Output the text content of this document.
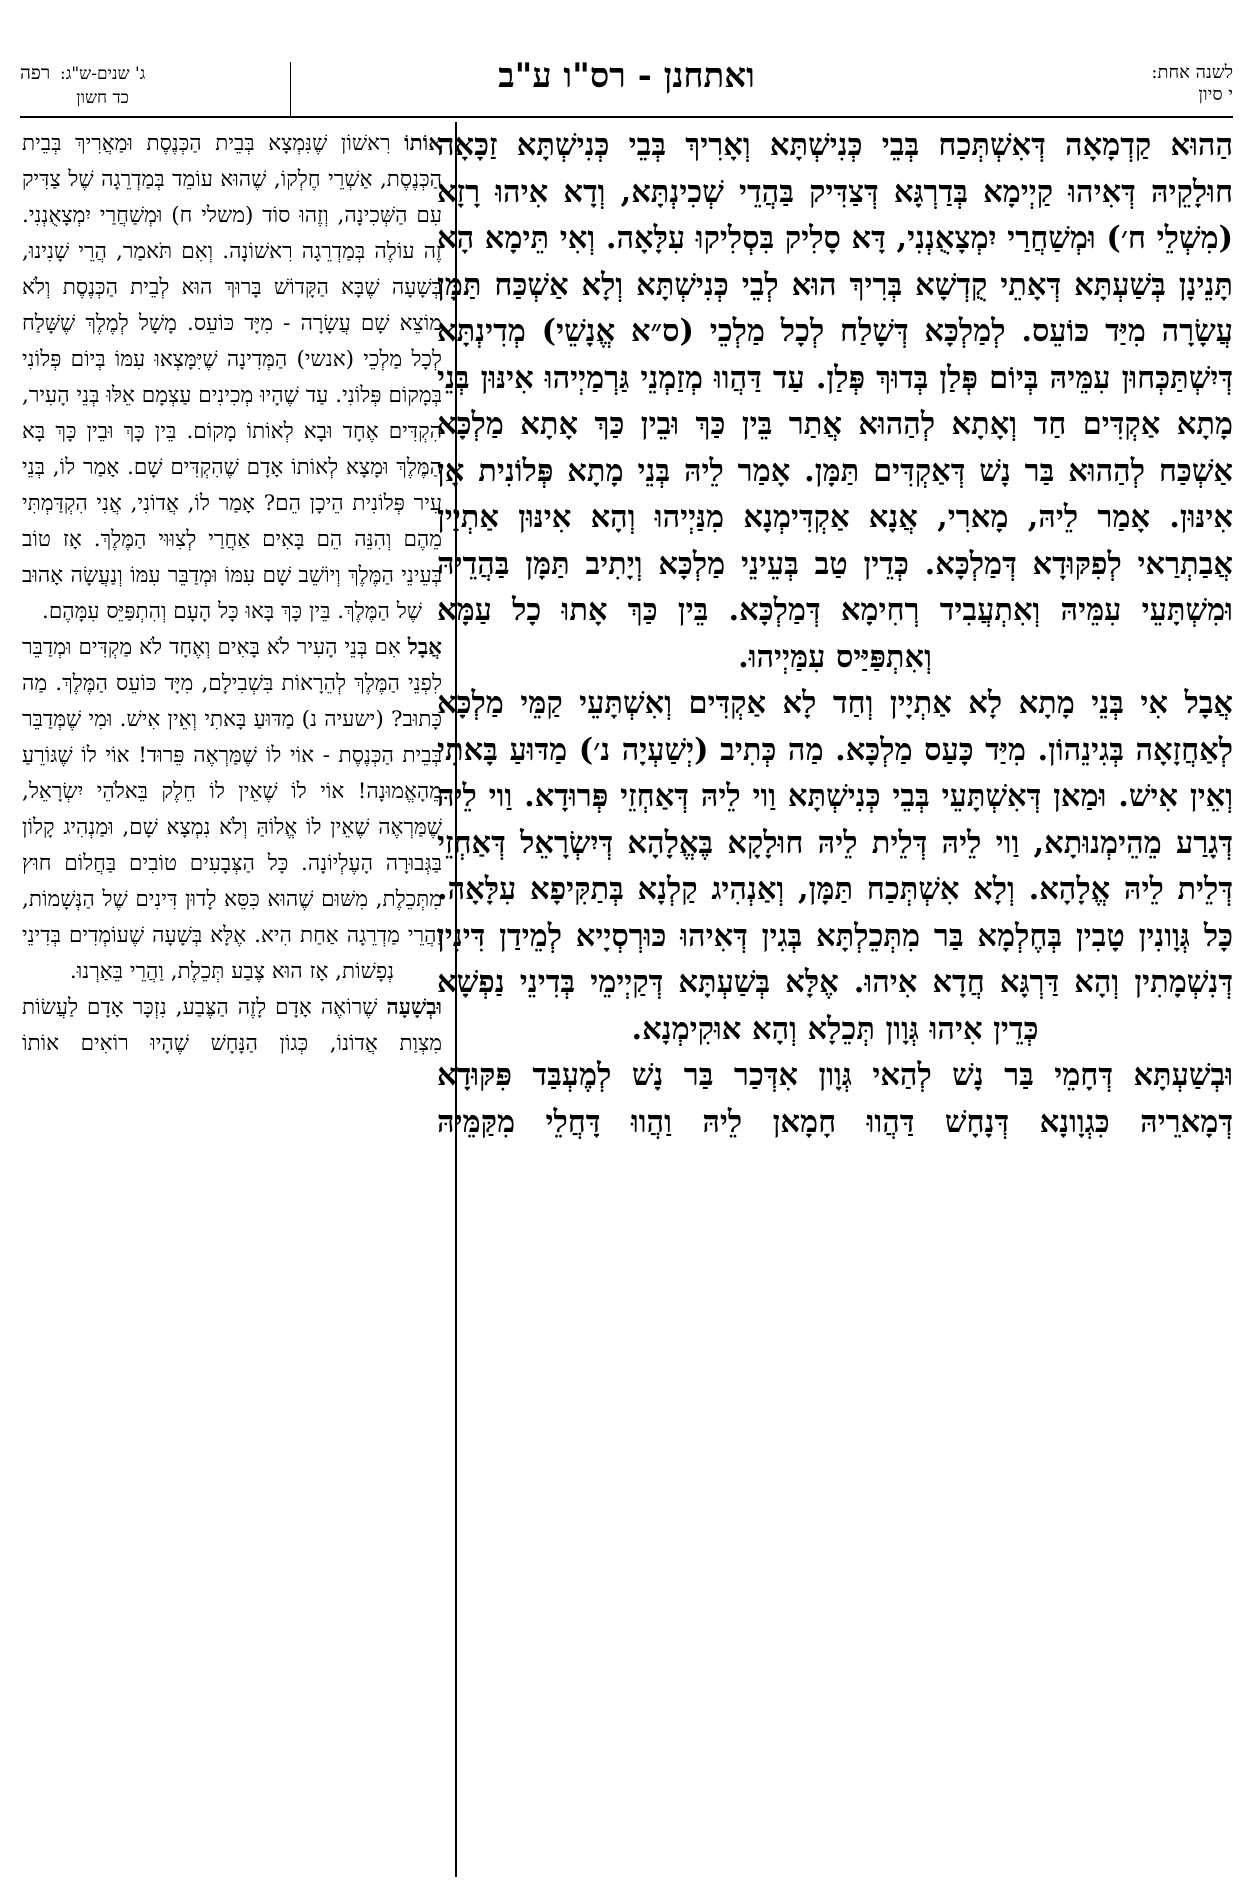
לשנה אחת:
י סיון
ואתחנן - רס"ו ע"ב
ג' שנים-ש"ג:
כד חשון
רפה

הַהוּא קַדְמָאָה דְּאִשְׁתְּכַח בְּבֵי כְּנִישְׁתָּא וְאָרִיךְ בְּבֵי כְּנִישְׁתָּא זַכָּאָה חוּלָקֵיהּ דְּאִיהוּ קַיְימָא בְּדַרְגָּא דְּצַדִּיק בַּהֲדֵי שְׁכִינְתָּא, וְדָא אִיהוּ רָזָא (מִשְׁלֵי ח׳) וּמְשַׁחֲרַי יִמְצָאֻנְנִי, דָּא סָלִיק בִּסְלִיקוּ עִלָּאָה. וְאִי תֵּימָא הָא תָּנֵינָן בְּשַׁעְתָּא דְּאָתֵי קֻדְשָׁא בְּרִיךְ הוּא לְבֵי כְּנִישְׁתָּא וְלָא אַשְׁכַּח תַּמָּן עֲשָׂרָה מִיַּד כּוֹעֵס. לְמַלְכָּא דְּשָׁלַח לְכָל מַלְכֵי (ס״א אֱנָשֵׁי) מְדִינְתָּא דְּיִשְׁתַּכְּחוּן עִמֵּיהּ בְּיוֹם פְּלַן בְּדוּךְ פְּלַן. עַד דַּהֲווּ מְזַמְנֵי גַּרְמַיְיהוּ אִינּוּן בְּנֵי מָתָא אַקְדִּים חַד וְאָתָא לְהַהוּא אֲתַר בֵּין כַּךְ וּבֵין כַּךְ אָתָא מַלְכָּא אַשְׁכַּח לְהַהוּא בַּר נָשׁ דְּאַקְדִּים תַּמָּן. אָמַר לֵיהּ בְּנֵי מָתָא פְּלוֹנִית אָן אִינּוּן. אָמַר לֵיהּ, מָארִי, אֲנָא אַקְדִּימְנָא מִנַּיְיהוּ וְהָא אִינּוּן אַתְיָין אֲבַתְרַאי לְפִקּוּדָא דְּמַלְכָּא. כְּדֵין טַב בְּעֵינֵי מַלְכָּא וְיָתִיב תַּמָּן בַּהֲדֵיהּ וּמִשְׁתָּעֵי עִמֵּיהּ וְאִתְעֲבִיד רְחִימָא דְּמַלְכָּא. בֵּין כַּךְ אָתוּ כָל עַמָּא וְאִתְפַּיַּיס עִמַּיְיהוּ.

אֲבָל אִי בְּנֵי מָתָא לָא אַתְיָין וְחַד לָא אַקְדִּים וְאִשְׁתָּעֵי קַמֵּי מַלְכָּא לְאַחֲזָאָה בְּגִינֵהוֹן. מִיַּד כָּעַס מַלְכָּא. מַה כְּתִיב (יְשַׁעְיָה נ׳) מַדּוּעַ בָּאתִי וְאֵין אִישׁ. וּמַאן דְּאִשְׁתָּעֵי בְּבֵי כְּנִישְׁתָּא וַוי לֵיהּ דְּאַחְזֵי פְּרוּדָא. וַוי לֵיהּ דְּגָרַע מֵהֵימְנוּתָא, וַוי לֵיהּ דְּלֵית לֵיהּ חוּלָקָא בֶּאֱלָהָא דְּיִשְׂרָאֵל דְּאַחְזֵי דְּלֵית לֵיהּ אֱלָהָא. וְלָא אִשְׁתְּכַח תַּמָּן, וְאַנְהִיג קַלְנָא בְּתַקִּיפָא עִלָּאָה. כָּל גְּוָונִין טָבִין בְּחֶלְמָא בַּר מִתְּכֵלְתָּא בְּגִין דְּאִיהוּ כּוּרְסְיָיא לְמֵידַן דִּינִין דְּנִשְׁמָתִין וְהָא דַּרְגָּא חֲדָא אִיהוּ. אֶלָּא בְּשַׁעְתָּא דְּקַיְימֵי בְּדִינֵי נַפְשָׁא כְּדֵין אִיהוּ גְּוָון תְּכֵלָא וְהָא אוּקִימְנָא.

וּבְשַׁעְתָּא דְּחָמֵי בַּר נָשׁ לְהַאי גְּוָון אִדְּכַר בַּר נָשׁ לְמֶעְבַּד פִּקּוּדָא דְּמָארֵיהּ כִּגְוָונָא דְּנָחָשׁ דַּהֲווּ חָמָאן לֵיהּ וַהֲווּ דָּחֲלֵי מִקַּמֵּיהּ

אוֹתוֹ רִאשׁוֹן שֶׁנִּמְצָא בְּבֵית הַכְּנֶסֶת וּמַאֲרִיךְ בְּבֵית הַכְּנֶסֶת, אַשְׁרֵי חֶלְקוֹ, שֶׁהוּא עוֹמֵד בְּמַדְרֵגָה שֶׁל צַדִּיק עִם הַשְּׁכִינָה, וְזֶהוּ סוֹד (משלי ח) וּמְשַׁחֲרַי יִמְצָאֻנְנִי. זֶה עוֹלֶה בְּמַדְרֵגָה רִאשׁוֹנָה. וְאִם תֹּאמַר, הֲרֵי שָׁנִינוּ, בְּשָׁעָה שֶׁבָּא הַקָּדוֹשׁ בָּרוּךְ הוּא לְבֵית הַכְּנֶסֶת וְלֹא מוֹצֵא שָׁם עֲשָׂרָה - מִיָּד כּוֹעֵס. מָשָׁל לְמֶלֶךְ שֶׁשָּׁלַח לְכָל מַלְכֵי (אנשי) הַמְּדִינָה שֶׁיִּמָּצְאוּ עִמּוֹ בְּיוֹם פְּלוֹנִי בְּמָקוֹם פְּלוֹנִי. עַד שֶׁהָיוּ מְכִינִים עַצְמָם אֵלּוּ בְּנֵי הָעִיר, הִקְדִּים אֶחָד וּבָא לְאוֹתוֹ מָקוֹם. בֵּין כָּךְ וּבֵין כָּךְ בָּא הַמֶּלֶךְ וּמָצָא לְאוֹתוֹ אָדָם שֶׁהִקְדִּים שָׁם. אָמַר לוֹ, בְּנֵי עִיר פְּלוֹנִית הֵיכָן הֵם? אָמַר לוֹ, אֲדוֹנִי, אֲנִי הִקְדַּמְתִּי מֵהֶם וְהִנֵּה הֵם בָּאִים אַחֲרַי לְצִוּוּי הַמֶּלֶךְ. אָז טוֹב בְּעֵינֵי הַמֶּלֶךְ וְיוֹשֵׁב שָׁם עִמּוֹ וּמְדַבֵּר עִמּוֹ וְנַעֲשָׂה אָהוּב שֶׁל הַמֶּלֶךְ. בֵּין כָּךְ בָּאוּ כָּל הָעָם וְהִתְפַּיֵּס עִמָּהֶם.

אֲבָל אִם בְּנֵי הָעִיר לֹא בָּאִים וְאֶחָד לֹא מַקְדִּים וּמְדַבֵּר לִפְנֵי הַמֶּלֶךְ לְהֵרָאוֹת בִּשְׁבִילָם, מִיָּד כּוֹעֵס הַמֶּלֶךְ. מַה כָּתוּב? (ישעיה נ) מַדּוּעַ בָּאתִי וְאֵין אִישׁ. וּמִי שֶׁמְּדַבֵּר בְּבֵית הַכְּנֶסֶת - אוֹי לוֹ שֶׁמַּרְאֶה פֵּרוּד! אוֹי לוֹ שֶׁגּוֹרֵעַ מֵהָאֱמוּנָה! אוֹי לוֹ שֶׁאֵין לוֹ חֵלֶק בֵּאלֹהֵי יִשְׂרָאֵל, שֶׁמַּרְאֶה שֶׁאֵין לוֹ אֱלוֹהַּ וְלֹא נִמְצָא שָׁם, וּמַנְהִיג קָלוֹן בַּגְּבוּרָה הָעֶלְיוֹנָה. כָּל הַצְּבָעִים טוֹבִים בַּחֲלוֹם חוּץ מִתְּכֵלֶת, מִשּׁוּם שֶׁהוּא כִּסֵּא לָדוּן דִּינִים שֶׁל הַנְּשָׁמוֹת, וַהֲרֵי מַדְרֵגָה אַחַת הִיא. אֶלָּא בְּשָׁעָה שֶׁעוֹמְדִים בְּדִינֵי נְפָשׁוֹת, אָז הוּא צֶבַע תְּכֵלֶת, וַהֲרֵי בֵּאַרְנוּ.

וּבְשָׁעָה שֶׁרוֹאֶה אָדָם לָזֶה הַצֶּבַע, נִזְכָּר אָדָם לַעֲשׂוֹת מִצְוַת אֲדוֹנוֹ, כְּגוֹן הַנָּחָשׁ שֶׁהָיוּ רוֹאִים אוֹתוֹ
